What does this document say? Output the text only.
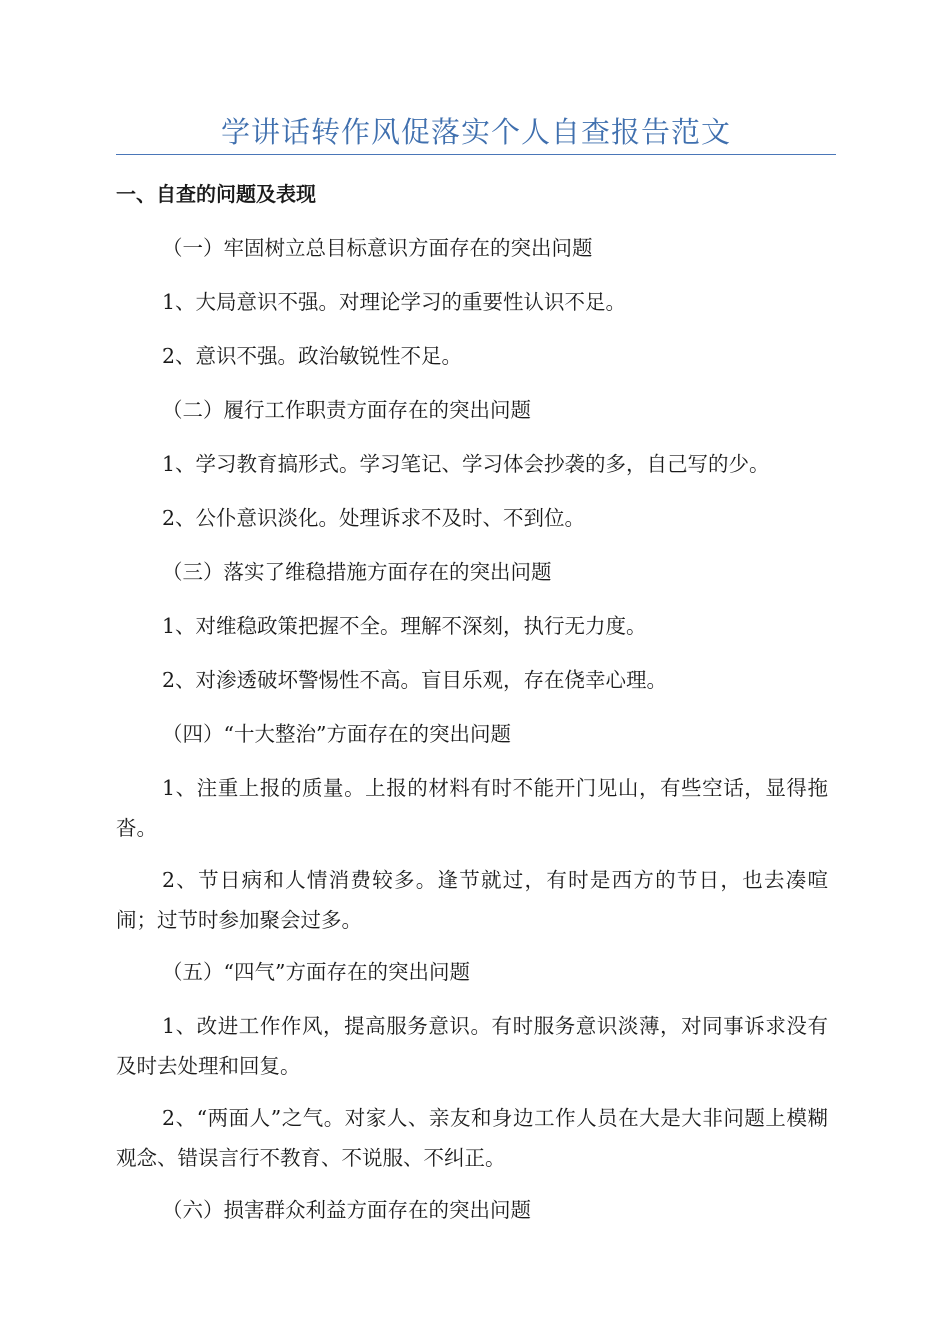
学讲话转作风促落实个人自查报告范文
一、自查的问题及表现
（一）牢固树立总目标意识方面存在的突出问题
1、大局意识不强。对理论学习的重要性认识不足。
2、意识不强。政治敏锐性不足。
（二）履行工作职责方面存在的突出问题
1、学习教育搞形式。学习笔记、学习体会抄袭的多，自己写的少。
2、公仆意识淡化。处理诉求不及时、不到位。
（三）落实了维稳措施方面存在的突出问题
1、对维稳政策把握不全。理解不深刻，执行无力度。
2、对渗透破坏警惕性不高。盲目乐观，存在侥幸心理。
（四）“十大整治”方面存在的突出问题
1、注重上报的质量。上报的材料有时不能开门见山，有些空话，显得拖沓。
2、节日病和人情消费较多。逢节就过，有时是西方的节日，也去凑喧闹；过节时参加聚会过多。
（五）“四气”方面存在的突出问题
1、改进工作作风，提高服务意识。有时服务意识淡薄，对同事诉求没有及时去处理和回复。
2、“两面人”之气。对家人、亲友和身边工作人员在大是大非问题上模糊观念、错误言行不教育、不说服、不纠正。
（六）损害群众利益方面存在的突出问题
